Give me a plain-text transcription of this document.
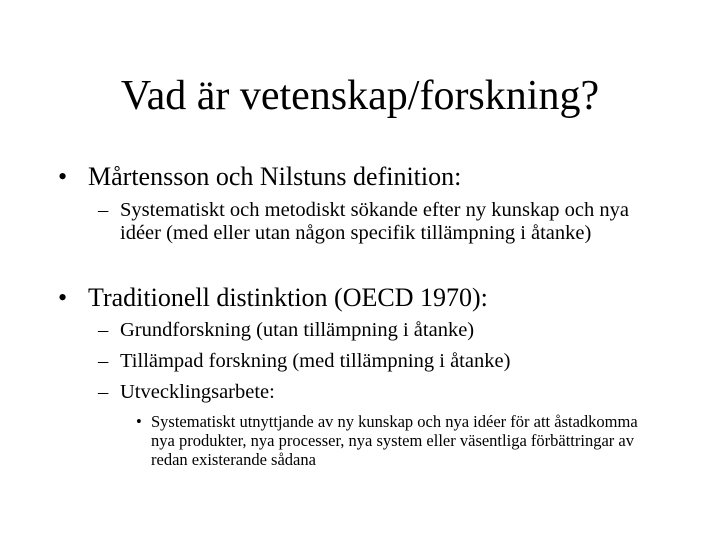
Vad är vetenskap/forskning?
• Mårtensson och Nilstuns definition:
– Systematiskt och metodiskt sökande efter ny kunskap och nya idéer (med eller utan någon specifik tillämpning i åtanke)
• Traditionell distinktion (OECD 1970):
– Grundforskning (utan tillämpning i åtanke)
– Tillämpad forskning (med tillämpning i åtanke)
– Utvecklingsarbete:
• Systematiskt utnyttjande av ny kunskap och nya idéer för att åstadkomma nya produkter, nya processer, nya system eller väsentliga förbättringar av redan existerande sådana
